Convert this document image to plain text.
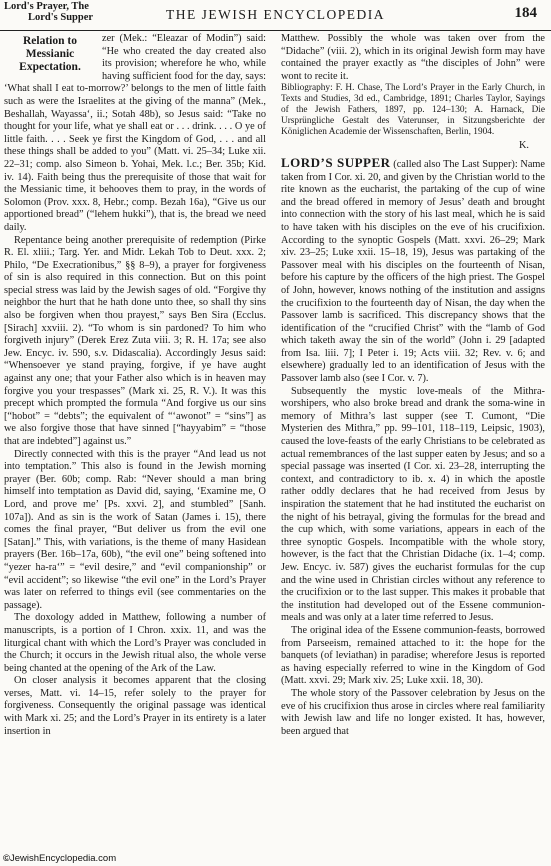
Lord's Prayer, The
Lord's Supper	THE JEWISH ENCYCLOPEDIA	184

Relation to Messianic Expectation.
zer (Mek.: “Eleazar of Modin”) said: “He who created the day created also its provision; wherefore he who, while having sufficient food for the day, says: ‘What shall I eat to-morrow?’ belongs to the men of little faith such as were the Israelites at the giving of the manna” (Mek., Beshallah, Wayassa‘, ii.; Sotah 48b), so Jesus said: “Take no thought for your life, what ye shall eat or . . . drink. . . . O ye of little faith. . . . Seek ye first the Kingdom of God, . . . and all these things shall be added to you” (Matt. vi. 25–34; Luke xii. 22–31; comp. also Simeon b. Yohai, Mek. l.c.; Ber. 35b; Kid. iv. 14). Faith being thus the prerequisite of those that wait for the Messianic time, it behooves them to pray, in the words of Solomon (Prov. xxx. 8, Hebr.; comp. Bezah 16a), “Give us our apportioned bread” (“lehem hukki”), that is, the bread we need daily.

Repentance being another prerequisite of redemption (Pirke R. El. xliii.; Targ. Yer. and Midr. Lekah Tob to Deut. xxx. 2; Philo, “De Execrationibus,” §§ 8–9), a prayer for forgiveness of sin is also required in this connection. But on this point special stress was laid by the Jewish sages of old. “Forgive thy neighbor the hurt that he hath done unto thee, so shall thy sins also be forgiven when thou prayest,” says Ben Sira (Ecclus. [Sirach] xxviii. 2). “To whom is sin pardoned? To him who forgiveth injury” (Derek Erez Zuta viii. 3; R. H. 17a; see also Jew. Encyc. iv. 590, s.v. Didascalia). Accordingly Jesus said: “Whensoever ye stand praying, forgive, if ye have aught against any one; that your Father also which is in heaven may forgive you your trespasses” (Mark xi. 25, R. V.). It was this precept which prompted the formula “And forgive us our sins [“hobot” = “debts”; the equivalent of “‘awonot” = “sins”] as we also forgive those that have sinned [“hayyabim” = “those that are indebted”] against us.”

Directly connected with this is the prayer “And lead us not into temptation.” This also is found in the Jewish morning prayer (Ber. 60b; comp. Rab: “Never should a man bring himself into temptation as David did, saying, ‘Examine me, O Lord, and prove me’ [Ps. xxvi. 2], and stumbled” [Sanh. 107a]). And as sin is the work of Satan (James i. 15), there comes the final prayer, “But deliver us from the evil one [Satan].” This, with variations, is the theme of many Hasidean prayers (Ber. 16b–17a, 60b), “the evil one” being softened into “yezer ha-ra‘” = “evil desire,” and “evil companionship” or “evil accident”; so likewise “the evil one” in the Lord’s Prayer was later on referred to things evil (see commentaries on the passage).

The doxology added in Matthew, following a number of manuscripts, is a portion of I Chron. xxix. 11, and was the liturgical chant with which the Lord’s Prayer was concluded in the Church; it occurs in the Jewish ritual also, the whole verse being chanted at the opening of the Ark of the Law.

On closer analysis it becomes apparent that the closing verses, Matt. vi. 14–15, refer solely to the prayer for forgiveness. Consequently the original passage was identical with Mark xi. 25; and the Lord’s Prayer in its entirety is a later insertion in

Matthew. Possibly the whole was taken over from the “Didache” (viii. 2), which in its original Jewish form may have contained the prayer exactly as “the disciples of John” were wont to recite it.

Bibliography: F. H. Chase, The Lord’s Prayer in the Early Church, in Texts and Studies, 3d ed., Cambridge, 1891; Charles Taylor, Sayings of the Jewish Fathers, 1897, pp. 124–130; A. Harnack, Die Ursprüngliche Gestalt des Vaterunser, in Sitzungsberichte der Königlichen Academie der Wissenschaften, Berlin, 1904.

K.

LORD’S SUPPER (called also The Last Supper): Name taken from I Cor. xi. 20, and given by the Christian world to the rite known as the eucharist, the partaking of the cup of wine and the bread offered in memory of Jesus’ death and brought into connection with the story of his last meal, which he is said to have taken with his disciples on the eve of his crucifixion. According to the synoptic Gospels (Matt. xxvi. 26–29; Mark xiv. 23–25; Luke xxii. 15–18, 19), Jesus was partaking of the Passover meal with his disciples on the fourteenth of Nisan, before his capture by the officers of the high priest. The Gospel of John, however, knows nothing of the institution and assigns the crucifixion to the fourteenth day of Nisan, the day when the Passover lamb is sacrificed. This discrepancy shows that the identification of the “crucified Christ” with the “lamb of God which taketh away the sin of the world” (John i. 29 [adapted from Isa. liii. 7]; I Peter i. 19; Acts viii. 32; Rev. v. 6; and elsewhere) gradually led to an identification of Jesus with the Passover lamb also (see I Cor. v. 7).

Subsequently the mystic love-meals of the Mithra-worshipers, who also broke bread and drank the soma-wine in memory of Mithra’s last supper (see T. Cumont, “Die Mysterien des Mithra,” pp. 99–101, 118–119, Leipsic, 1903), caused the love-feasts of the early Christians to be celebrated as actual remembrances of the last supper eaten by Jesus; and so a special passage was inserted (I Cor. xi. 23–28, interrupting the context, and contradictory to ib. x. 4) in which the apostle rather oddly declares that he had received from Jesus by inspiration the statement that he had instituted the eucharist on the night of his betrayal, giving the formulas for the bread and the cup which, with some variations, appears in each of the three synoptic Gospels. Incompatible with the whole story, however, is the fact that the Christian Didache (ix. 1–4; comp. Jew. Encyc. iv. 587) gives the eucharist formulas for the cup and the wine used in Christian circles without any reference to the crucifixion or to the last supper. This makes it probable that the institution had developed out of the Essene communion-meals and was only at a later time referred to Jesus.

The original idea of the Essene communion-feasts, borrowed from Parseeism, remained attached to it: the hope for the banquets (of leviathan) in paradise; wherefore Jesus is reported as having especially referred to wine in the Kingdom of God (Matt. xxvi. 29; Mark xiv. 25; Luke xxii. 18, 30).

The whole story of the Passover celebration by Jesus on the eve of his crucifixion thus arose in circles where real familiarity with Jewish law and life no longer existed. It has, however, been argued that

©JewishEncyclopedia.com
